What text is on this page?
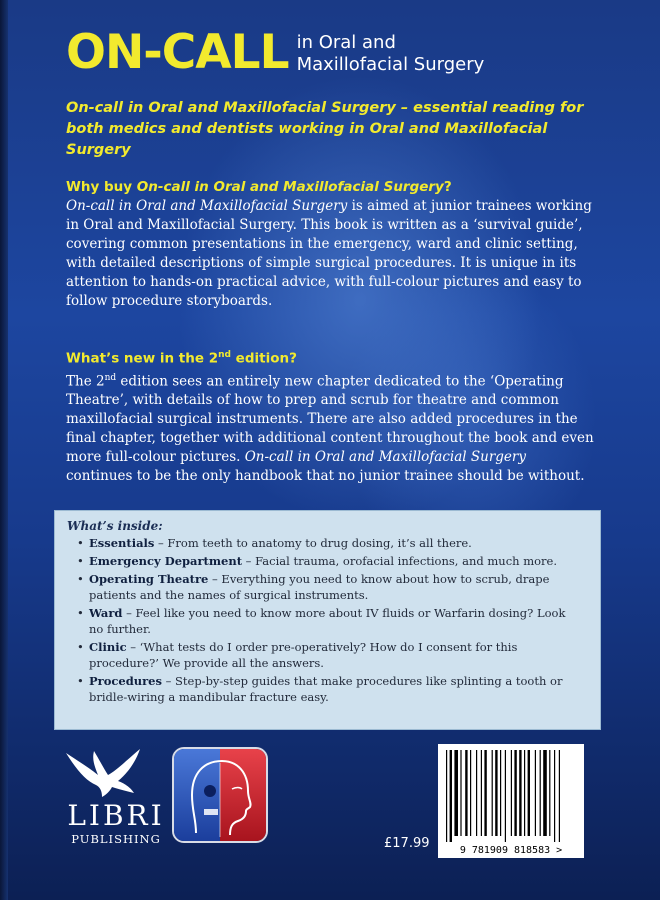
ON-CALL in Oral and
Maxillofacial Surgery
On-call in Oral and Maxillofacial Surgery – essential reading for both medics and dentists working in Oral and Maxillofacial Surgery
Why buy On-call in Oral and Maxillofacial Surgery?

On-call in Oral and Maxillofacial Surgery is aimed at junior trainees working in Oral and Maxillofacial Surgery. This book is written as a ‘survival guide’, covering common presentations in the emergency, ward and clinic setting, with detailed descriptions of simple surgical procedures. It is unique in its attention to hands-on practical advice, with full-colour pictures and easy to follow procedure storyboards.

What’s new in the 2nd edition?

The 2nd edition sees an entirely new chapter dedicated to the ‘Operating Theatre’, with details of how to prep and scrub for theatre and common maxillofacial surgical instruments. There are also added procedures in the final chapter, together with additional content throughout the book and even more full-colour pictures. On-call in Oral and Maxillofacial Surgery continues to be the only handbook that no junior trainee should be without.

What’s inside:
• Essentials – From teeth to anatomy to drug dosing, it’s all there.
• Emergency Department – Facial trauma, orofacial infections, and much more.
• Operating Theatre – Everything you need to know about how to scrub, drape patients and the names of surgical instruments.
• Ward – Feel like you need to know more about IV fluids or Warfarin dosing? Look no further.
• Clinic – ‘What tests do I order pre-operatively? How do I consent for this procedure?’ We provide all the answers.
• Procedures – Step-by-step guides that make procedures like splinting a tooth or bridle-wiring a mandibular fracture easy.
LIBRI
PUBLISHING	£17.99	9 781909 818583 >
